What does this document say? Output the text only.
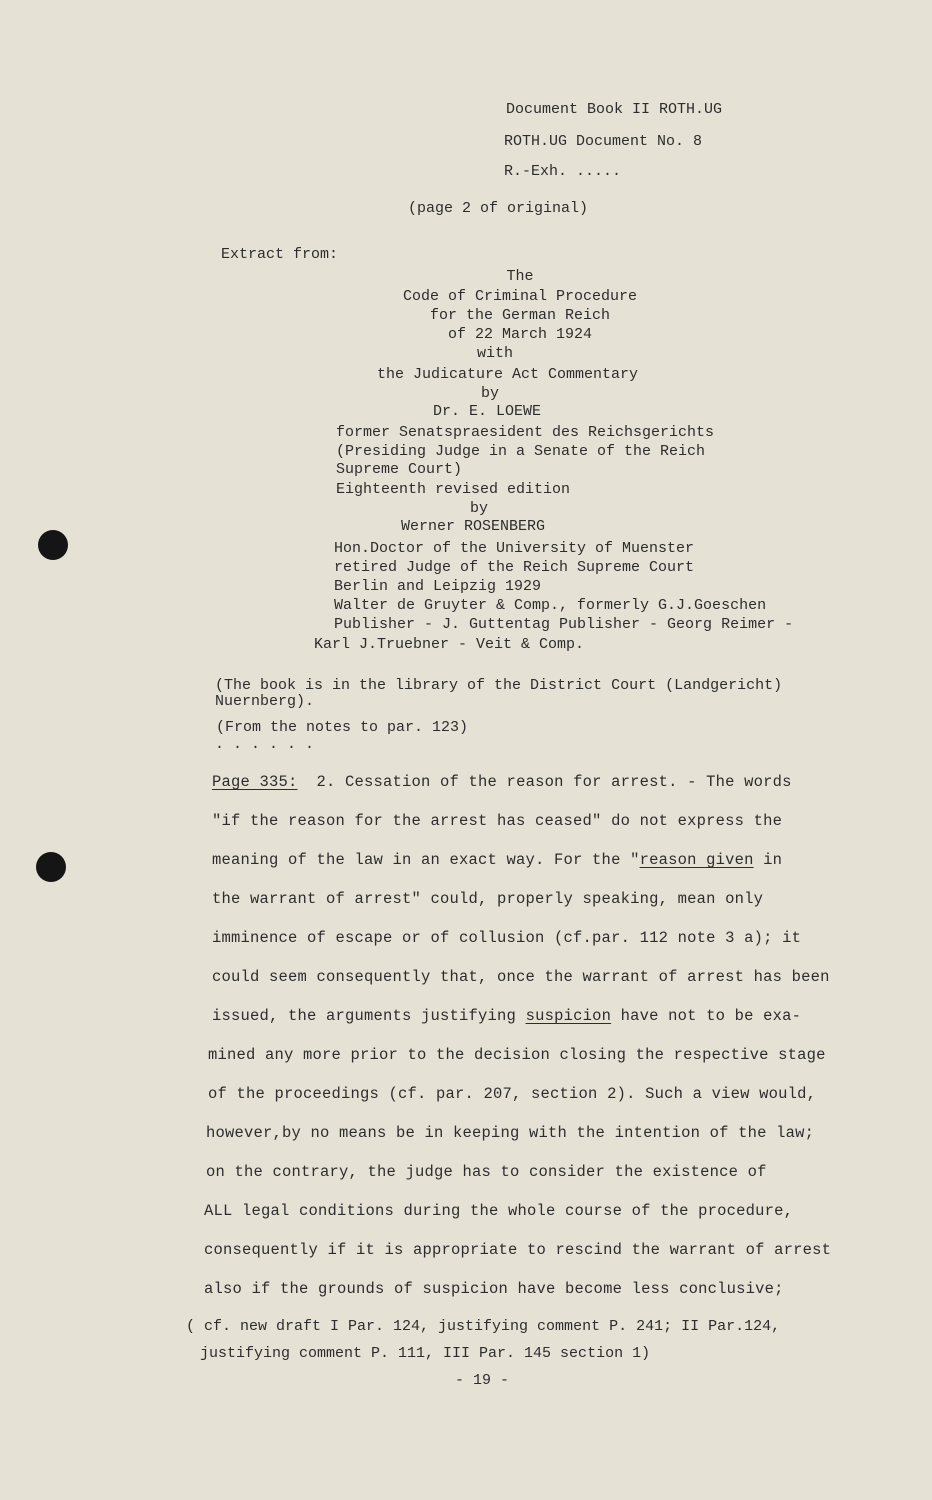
Document Book II ROTH.UG
ROTH.UG Document No. 8
R.-Exh. .....
(page 2 of original)
Extract from:
The
Code of Criminal Procedure
for the German Reich
of 22 March 1924
with
the Judicature Act Commentary
by
Dr. E. LOEWE
former Senatspraesident des Reichsgerichts
(Presiding Judge in a Senate of the Reich
Supreme Court)
Eighteenth revised edition
by
Werner ROSENBERG
Hon.Doctor of the University of Muenster
retired Judge of the Reich Supreme Court
Berlin and Leipzig 1929
Walter de Gruyter & Comp., formerly G.J.Goeschen
Publisher - J. Guttentag Publisher - Georg Reimer -
Karl J.Truebner - Veit & Comp.
(The book is in the library of the District Court (Landgericht)
Nuernberg).
(From the notes to par. 123)
. . . . . .
Page 335: 2. Cessation of the reason for arrest. - The words
"if the reason for the arrest has ceased" do not express the
meaning of the law in an exact way. For the "reason given in
the warrant of arrest" could, properly speaking, mean only
imminence of escape or of collusion (cf.par. 112 note 3 a); it
could seem consequently that, once the warrant of arrest has been
issued, the arguments justifying suspicion have not to be exa-
mined any more prior to the decision closing the respective stage
of the proceedings (cf. par. 207, section 2). Such a view would,
however,by no means be in keeping with the intention of the law;
on the contrary, the judge has to consider the existence of
ALL legal conditions during the whole course of the procedure,
consequently if it is appropriate to rescind the warrant of arrest
also if the grounds of suspicion have become less conclusive;
( cf. new draft I Par. 124, justifying comment P. 241; II Par.124,
justifying comment P. 111, III Par. 145 section 1)
- 19 -
